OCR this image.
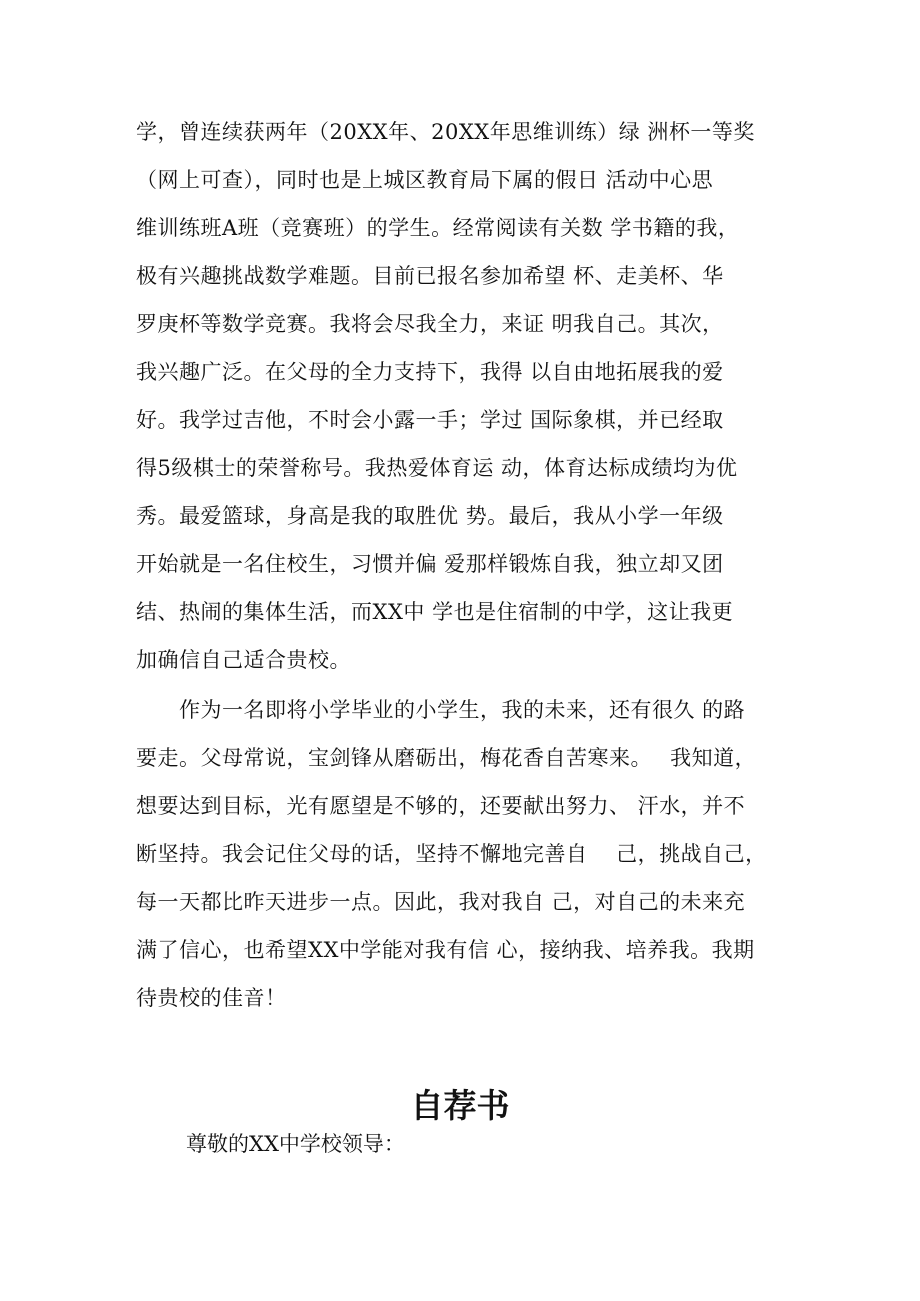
学，曾连续获两年（20XX年、20XX年思维训练）绿 洲杯一等奖
（网上可查），同时也是上城区教育局下属的假日 活动中心思
维训练班A班（竞赛班）的学生。经常阅读有关数 学书籍的我，
极有兴趣挑战数学难题。目前已报名参加希望 杯、走美杯、华
罗庚杯等数学竞赛。我将会尽我全力，来证 明我自己。其次，
我兴趣广泛。在父母的全力支持下，我得 以自由地拓展我的爱
好。我学过吉他，不时会小露一手；学过 国际象棋，并已经取
得5级棋士的荣誉称号。我热爱体育运 动，体育达标成绩均为优
秀。最爱篮球，身高是我的取胜优 势。最后，我从小学一年级
开始就是一名住校生，习惯并偏 爱那样锻炼自我，独立却又团
结、热闹的集体生活，而XX中 学也是住宿制的中学，这让我更
加确信自己适合贵校。
　　作为一名即将小学毕业的小学生，我的未来，还有很久 的路
要走。父母常说，宝剑锋从磨砺出，梅花香自苦寒来。　 我知道，
想要达到目标，光有愿望是不够的，还要献出努力、 汗水，并不
断坚持。我会记住父母的话，坚持不懈地完善自　 己，挑战自己，
每一天都比昨天进步一点。因此，我对我自 己，对自己的未来充
满了信心，也希望XX中学能对我有信 心，接纳我、培养我。我期
待贵校的佳音！
自荐书
尊敬的XX中学校领导：
